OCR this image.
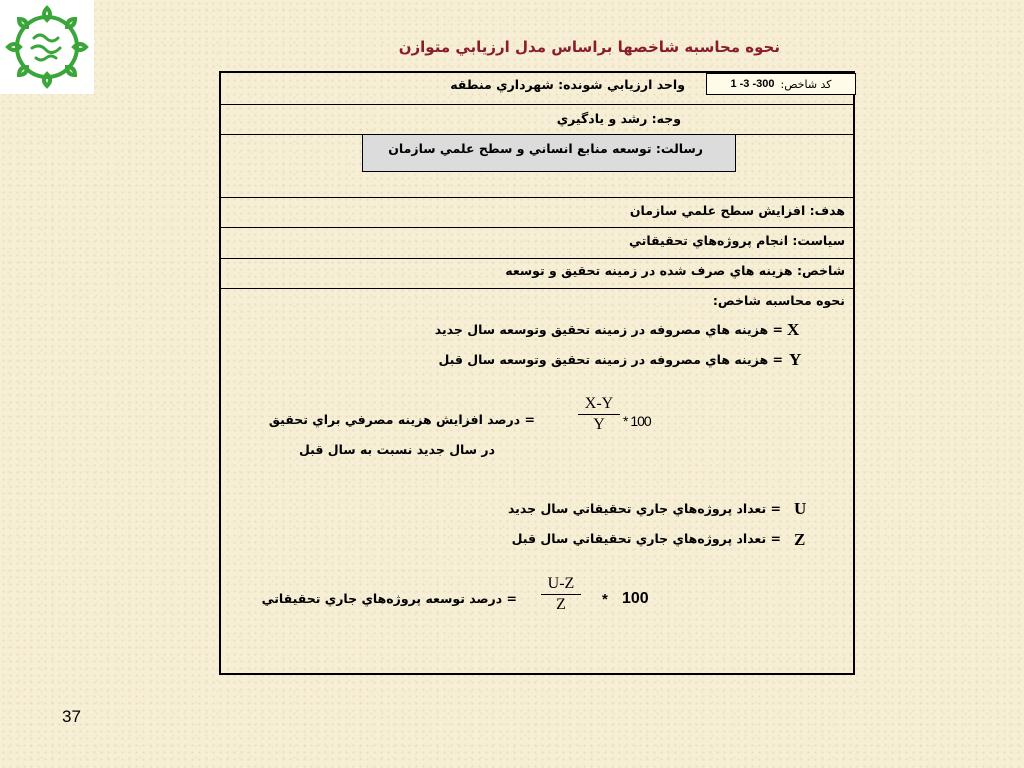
نحوه محاسبه شاخصها براساس مدل ارزيابي متوازن
1 -3 -300 كد شاخص:
واحد ارزيابي شونده: شهرداري منطقه
وجه: رشد و يادگيري
رسالت: توسعه منابع انساني و سطح علمي سازمان
هدف: افزايش سطح علمي سازمان
سياست: انجام پروژه‌هاي تحقيقاتي
شاخص: هزينه هاي صرف شده در زمينه تحقيق و توسعه
نحوه محاسبه شاخص:
X
= هزينه هاي مصروفه در زمينه تحقيق وتوسعه سال جديد
Y
= هزينه هاي مصروفه در زمينه تحقيق وتوسعه سال قبل
= درصد افزايش هزينه مصرفي براي تحقيق
در سال جديد نسبت به سال قبل
X-Y
Y	* 100
U
= تعداد پروژه‌هاي جاري تحقيقاتي سال جديد
Z
= تعداد پروژه‌هاي جاري تحقيقاتي سال قبل
= درصد توسعه پروژه‌هاي جاري تحقيقاتي
U-Z
Z	* 100
37
